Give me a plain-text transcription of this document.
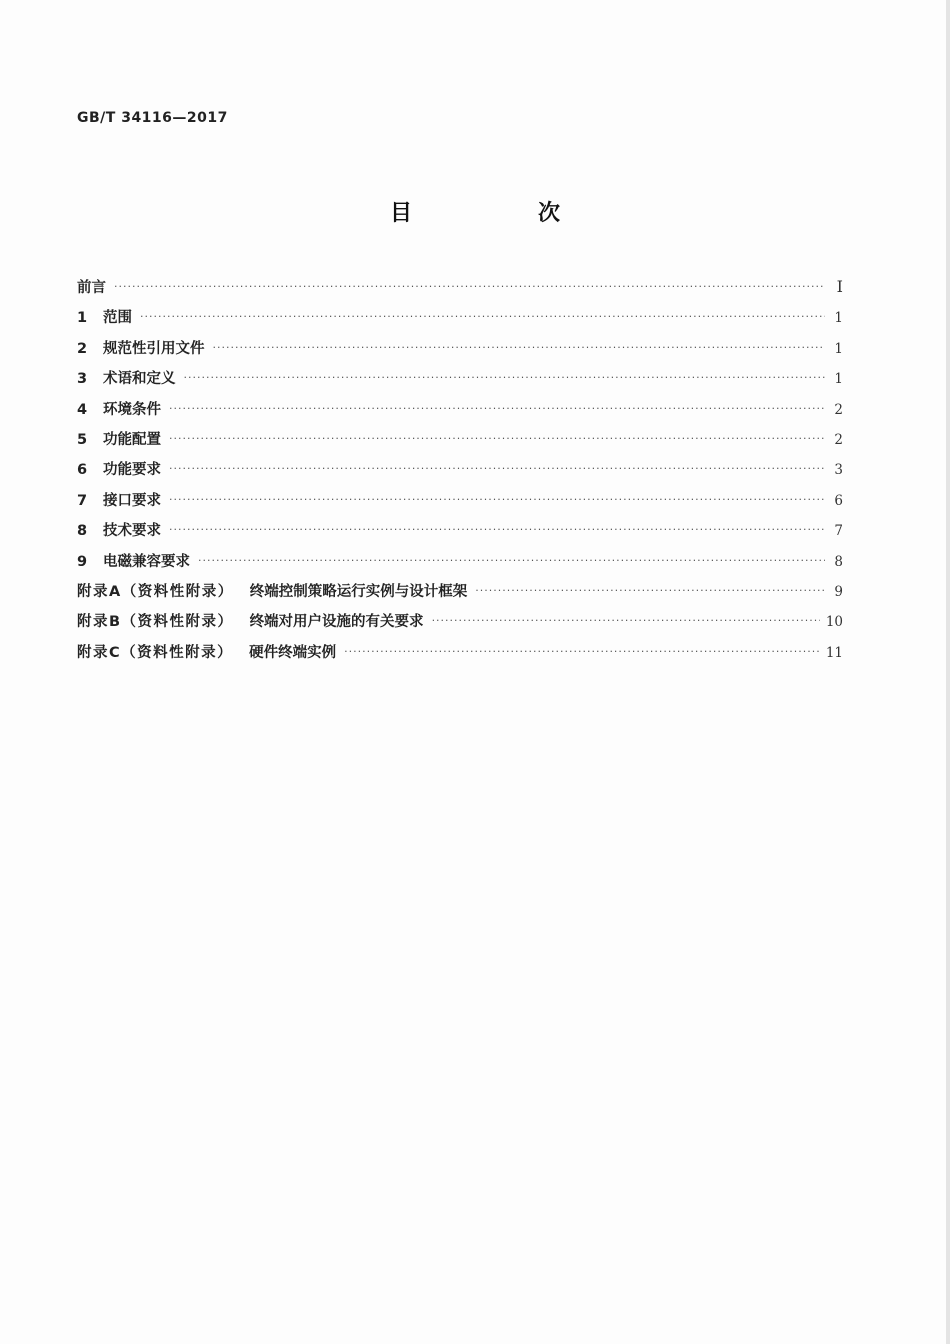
GB/T 34116—2017
目　次
前言 ·····	I
1 范围 ·····	1
2 规范性引用文件 ·····	1
3 术语和定义 ·····	1
4 环境条件 ·····	2
5 功能配置 ·····	2
6 功能要求 ·····	3
7 接口要求 ·····	6
8 技术要求 ·····	7
9 电磁兼容要求 ·····	8
附录A（资料性附录） 终端控制策略运行实例与设计框架 ·····	9
附录B（资料性附录） 终端对用户设施的有关要求 ·····	10
附录C（资料性附录） 硬件终端实例 ·····	11
